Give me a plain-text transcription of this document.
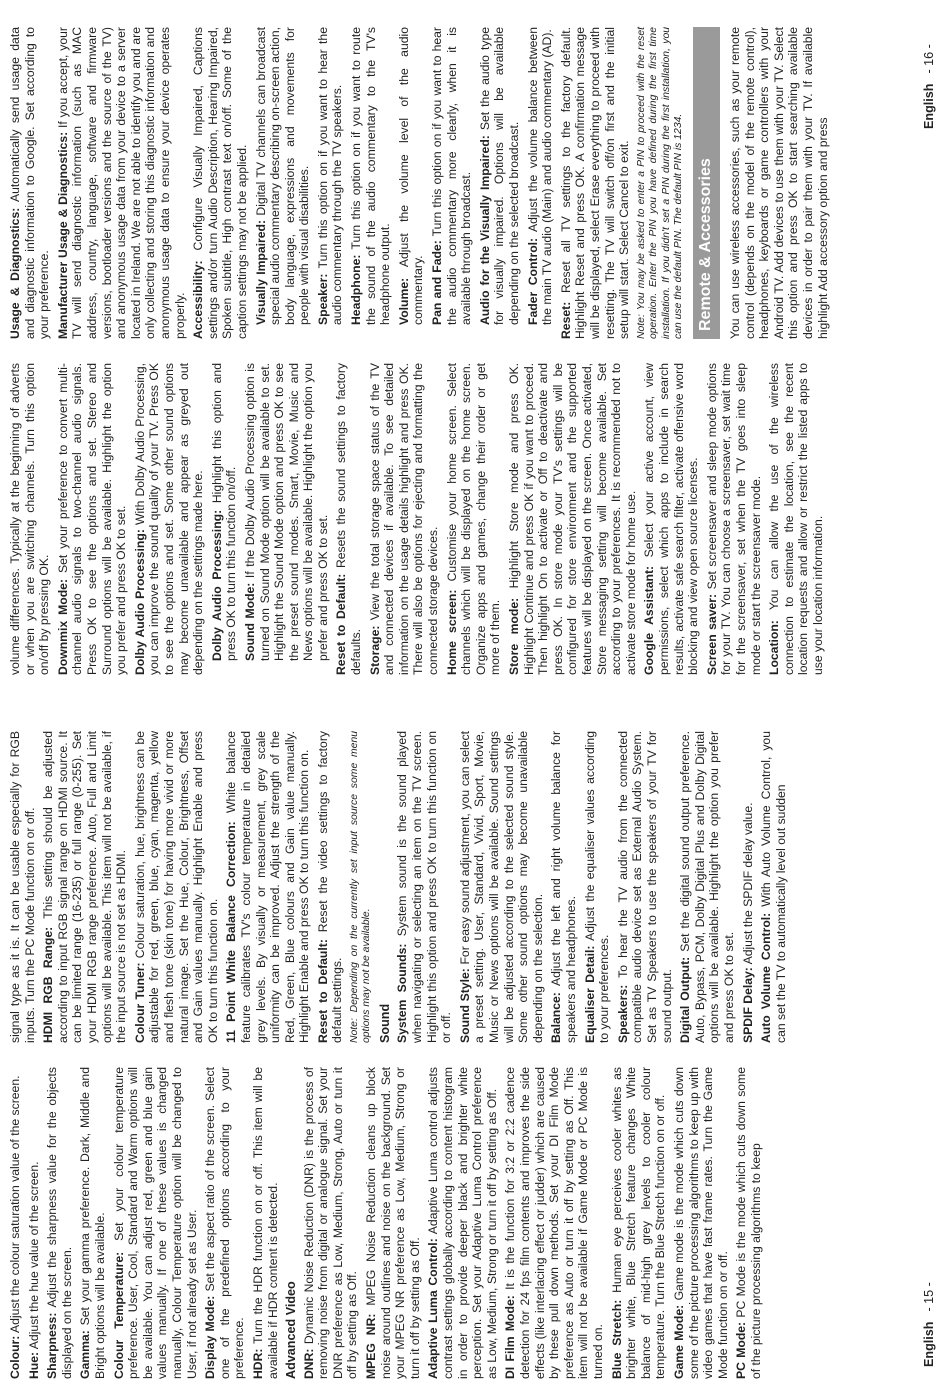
Colour: Adjust the colour saturation value of the screen.

Hue: Adjust the hue value of the screen. Sharpness: Adjust the sharpness value for the objects displayed on the screen. Gamma: Set your gamma preference. Dark, Middle and Bright options will be available. Colour Temperature: Set your colour temperature preference. User, Cool, Standard and Warm options will be available. You can adjust red, green and blue gain values manually. If one of these values is changed manually, Colour Temperature option will be changed to User, if not already set as User. Display Mode: Set the aspect ratio of the screen. Select one of the predefined options according to your preference. HDR: Turn the HDR function on or off. This item will be available if HDR content is detected. Advanced Video DNR: Dynamic Noise Reduction (DNR) is the process of removing noise from digital or analogue signal. Set your DNR preference as Low, Medium, Strong, Auto or turn it off by setting as Off. MPEG NR: MPEG Noise Reduction cleans up block noise around outlines and noise on the background. Set your MPEG NR preference as Low, Medium, Strong or turn it off by setting as Off. Adaptive Luma Control: Adaptive Luma control adjusts contrast settings globally according to content histogram in order to provide deeper black and brighter white perception. Set your Adaptive Luma Control preference as Low, Medium, Strong or turn it off by setting as Off. DI Film Mode: It is the function for 3:2 or 2:2 cadence detection for 24 fps film contents and improves the side effects (like interlacing effect or judder) which are caused by these pull down methods. Set your DI Film Mode preference as Auto or turn it off by setting as Off. This item will not be available if Game Mode or PC Mode is turned on. Blue Stretch: Human eye perceives cooler whites as brighter white, Blue Stretch feature changes White balance of mid-high grey levels to cooler colour temperature. Turn the Blue Stretch function on or off. Game Mode: Game mode is the mode which cuts down some of the picture processing algorithms to keep up with video games that have fast frame rates. Turn the Game Mode function on or off. PC Mode: PC Mode is the mode which cuts down some of the picture processing algorithms to keep

signal type as it is. It can be usable especially for RGB inputs. Turn the PC Mode function on or off. HDMI RGB Range: This setting should be adjusted according to input RGB signal range on HDMI source. It can be limited range (16-235) or full range (0-255). Set your HDMI RGB range preference. Auto, Full and Limit options will be available. This item will not be available, if the input source is not set as HDMI. Colour Tuner: Colour saturation, hue, brightness can be adjustable for red, green, blue, cyan, magenta, yellow and flesh tone (skin tone) for having more vivid or more natural image. Set the Hue, Colour, Brightness, Offset and Gain values manually. Highlight Enable and press OK to turn this function on. 11 Point White Balance Correction: White balance feature calibrates TV's colour temperature in detailed grey levels. By visually or measurement, grey scale uniformity can be improved. Adjust the strength of the Red, Green, Blue colours and Gain value manually. Highlight Enable and press OK to turn this function on. Reset to Default: Reset the video settings to factory default settings. Note: Depending on the currently set input source some menu options may not be available. Sound System Sounds: System sound is the sound played when navigating or selecting an item on the TV screen. Highlight this option and press OK to turn this function on or off. Sound Style: For easy sound adjustment, you can select a preset setting. User, Standard, Vivid, Sport, Movie, Music or News options will be available. Sound settings will be adjusted according to the selected sound style. Some other sound options may become unavailable depending on the selection. Balance: Adjust the left and right volume balance for speakers and headphones. Equaliser Detail: Adjust the equaliser values according to your preferences. Speakers: To hear the TV audio from the connected compatible audio device set as External Audio System. Set as TV Speakers to use the speakers of your TV for sound output. Digital Output: Set the digital sound output preference. Auto, Bypass, PCM, Dolby Digital Plus and Dolby Digital options will be available. Highlight the option you prefer and press OK to set. SPDIF Delay: Adjust the SPDIF delay value.

Auto Volume Control: With Auto Volume Control, you can set the TV to automatically level out sudden

English- 15 -

volume differences. Typically at the beginning of adverts or when you are switching channels. Turn this option on/off by pressing OK. Downmix Mode: Set your preference to convert multi-channel audio signals to two-channel audio signals. Press OK to see the options and set. Stereo and Surround options will be available. Highlight the option you prefer and press OK to set. Dolby Audio Processing: With Dolby Audio Processing, you can improve the sound quality of your TV. Press OK to see the options and set. Some other sound options may become unavailable and appear as greyed out depending on the settings made here. Dolby Audio Processing: Highlight this option and press OK to turn this function on/off. Sound Mode: If the Dolby Audio Processing option is turned on Sound Mode option will be available to set. Highlight the Sound Mode option and press OK to see the preset sound modes. Smart, Movie, Music and News options will be available. Highlight the option you prefer and press OK to set. Reset to Default: Resets the sound settings to factory defaults. Storage: View the total storage space status of the TV and connected devices if available. To see detailed information on the usage details highlight and press OK. There will also be options for ejecting and formatting the connected storage devices. Home screen: Customise your home screen. Select channels which will be displayed on the home screen. Organize apps and games, change their order or get more of them. Store mode: Highlight Store mode and press OK. Highlight Continue and press OK if you want to proceed. Then highlight On to activate or Off to deactivate and press OK. In store mode your TV's settings will be configured for store environment and the supported features will be displayed on the screen. Once activated, Store messaging setting will become available. Set according to your preferences. It is recommended not to activate store mode for home use. Google Assistant: Select your active account, view permissions, select which apps to include in search results, activate safe search filter, activate offensive word blocking and view open source licenses. Screen saver: Set screensaver and sleep mode options for your TV. You can choose a screensaver, set wait time for the screensaver, set when the TV goes into sleep mode or start the screensaver mode. Location: You can allow the use of the wireless connection to estimate the location, see the recent location requests and allow or restrict the listed apps to use your location information.

Usage & Diagnostics: Automatically send usage data and diagnostic information to Google. Set according to your preference. Manufacturer Usage & Diagnostics: If you accept, your TV will send diagnostic information (such as MAC address, country, language, software and firmware versions, bootloader versions and the source of the TV) and anonymous usage data from your device to a server located in Ireland. We are not able to identify you and are only collecting and storing this diagnostic information and anonymous usage data to ensure your device operates properly. Accessibility: Configure Visually Impaired, Captions settings and/or turn Audio Description, Hearing Impaired, Spoken subtitle, High contrast text on/off. Some of the caption settings may not be applied. Visually Impaired: Digital TV channels can broadcast special audio commentary describing on-screen action, body language, expressions and movements for people with visual disabilities. Speaker: Turn this option on if you want to hear the audio commentary through the TV speakers. Headphone: Turn this option on if you want to route the sound of the audio commentary to the TV's headphone output. Volume: Adjust the volume level of the audio commentary. Pan and Fade: Turn this option on if you want to hear the audio commentary more clearly, when it is available through broadcast. Audio for the Visually Impaired: Set the audio type for visually impaired. Options will be available depending on the selected broadcast. Fader Control: Adjust the volume balance between the main TV audio (Main) and audio commentary (AD). Reset: Reset all TV settings to the factory default. Highlight Reset and press OK. A confirmation message will be displayed, select Erase everything to proceed with resetting. The TV will switch off/on first and the initial setup will start. Select Cancel to exit. Note: You may be asked to enter a PIN to proceed with the reset operation. Enter the PIN you have defined during the first time installation. If you didn't set a PIN during the first installation, you can use the default PIN. The default PIN is 1234. Remote & Accessories	You can use wireless accessories, such as your remote control (depends on the model of the remote control), headphones, keyboards or game controllers with your Android TV. Add devices to use them with your TV. Select this option and press OK to start searching available devices in order to pair them with your TV. If available highlight Add accessory option and press

English- 16 -
